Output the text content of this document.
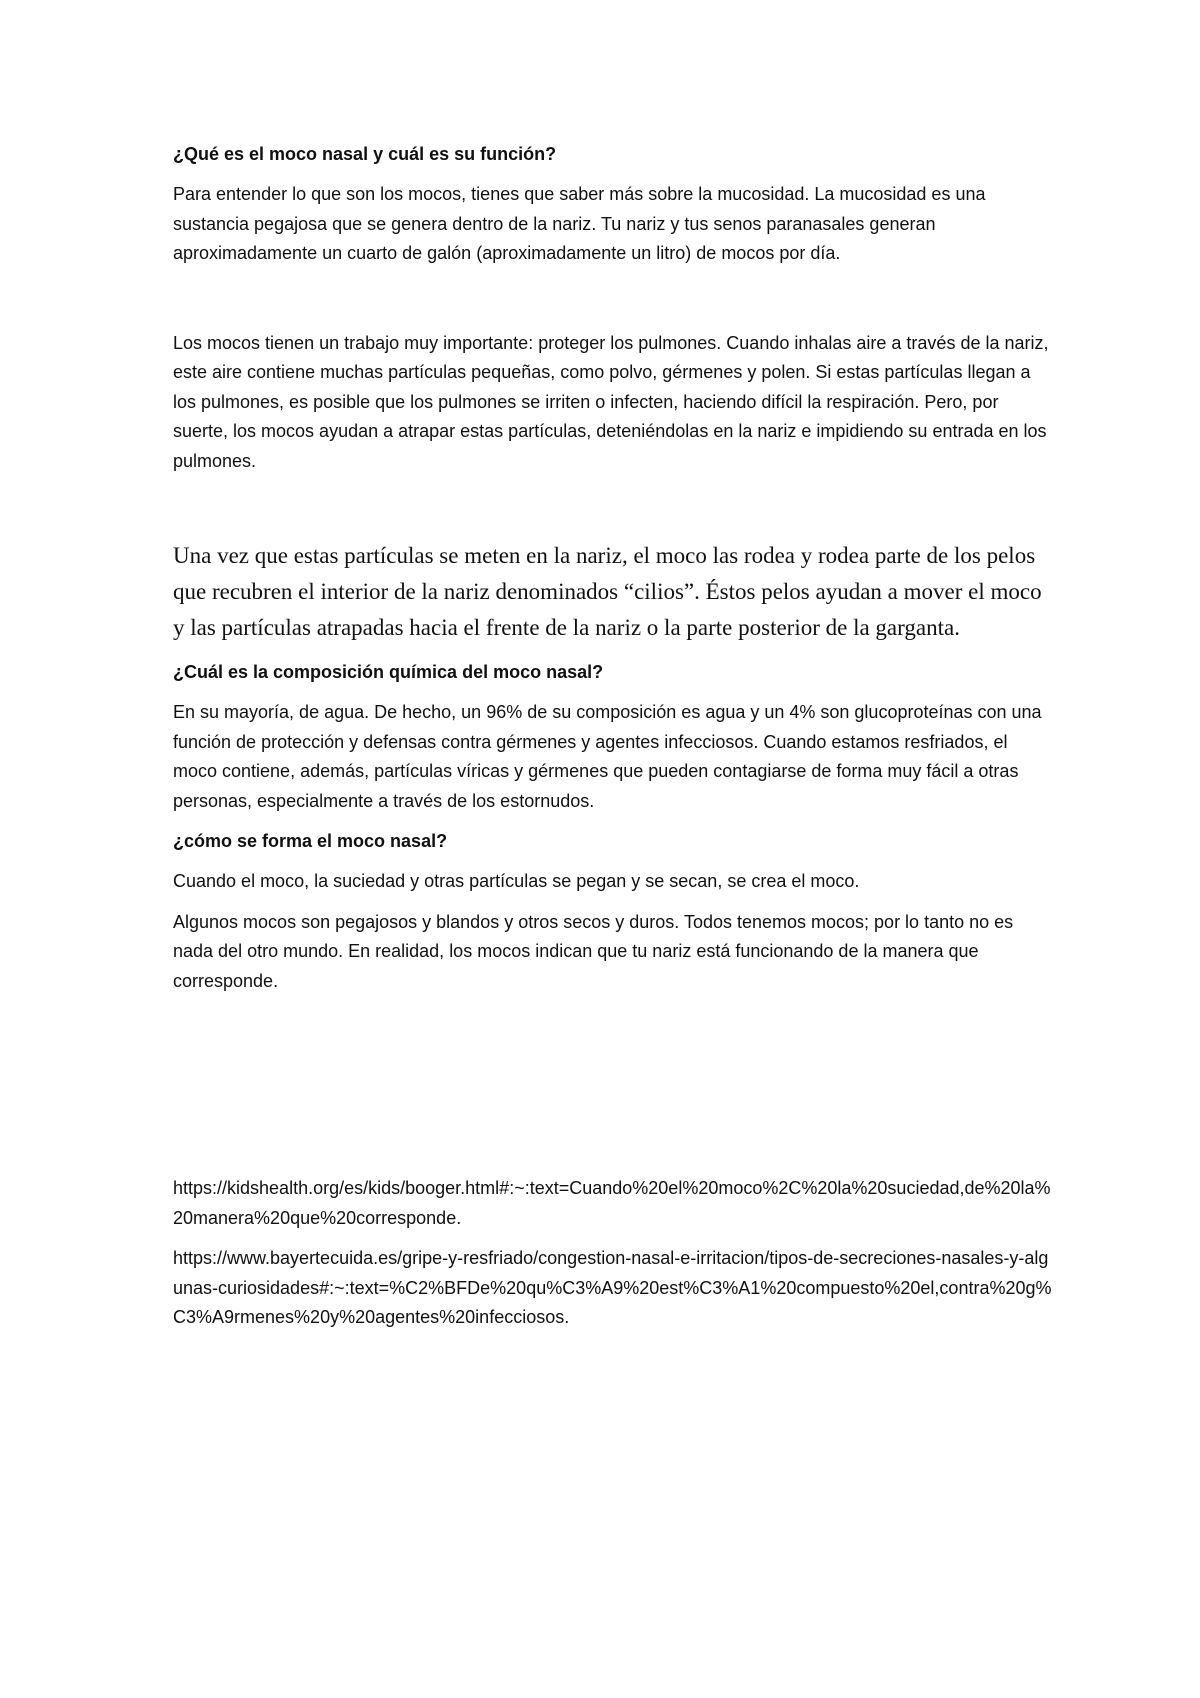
¿Qué es el moco nasal y cuál es su función?
Para entender lo que son los mocos, tienes que saber más sobre la mucosidad. La mucosidad es una sustancia pegajosa que se genera dentro de la nariz. Tu nariz y tus senos paranasales generan aproximadamente un cuarto de galón (aproximadamente un litro) de mocos por día.
Los mocos tienen un trabajo muy importante: proteger los pulmones. Cuando inhalas aire a través de la nariz, este aire contiene muchas partículas pequeñas, como polvo, gérmenes y polen. Si estas partículas llegan a los pulmones, es posible que los pulmones se irriten o infecten, haciendo difícil la respiración. Pero, por suerte, los mocos ayudan a atrapar estas partículas, deteniéndolas en la nariz e impidiendo su entrada en los pulmones.
Una vez que estas partículas se meten en la nariz, el moco las rodea y rodea parte de los pelos que recubren el interior de la nariz denominados “cilios”. Éstos pelos ayudan a mover el moco y las partículas atrapadas hacia el frente de la nariz o la parte posterior de la garganta.
¿Cuál es la composición química del moco nasal?
En su mayoría, de agua. De hecho, un 96% de su composición es agua y un 4% son glucoproteínas con una función de protección y defensas contra gérmenes y agentes infecciosos. Cuando estamos resfriados, el moco contiene, además, partículas víricas y gérmenes que pueden contagiarse de forma muy fácil a otras personas, especialmente a través de los estornudos.
¿cómo se forma el moco nasal?
Cuando el moco, la suciedad y otras partículas se pegan y se secan, se crea el moco.
Algunos mocos son pegajosos y blandos y otros secos y duros. Todos tenemos mocos; por lo tanto no es nada del otro mundo. En realidad, los mocos indican que tu nariz está funcionando de la manera que corresponde.
https://kidshealth.org/es/kids/booger.html#:~:text=Cuando%20el%20moco%2C%20la%20suciedad,de%20la%20manera%20que%20corresponde.
https://www.bayertecuida.es/gripe-y-resfriado/congestion-nasal-e-irritacion/tipos-de-secreciones-nasales-y-algunas-curiosidades#:~:text=%C2%BFDe%20qu%C3%A9%20est%C3%A1%20compuesto%20el,contra%20g%C3%A9rmenes%20y%20agentes%20infecciosos.
